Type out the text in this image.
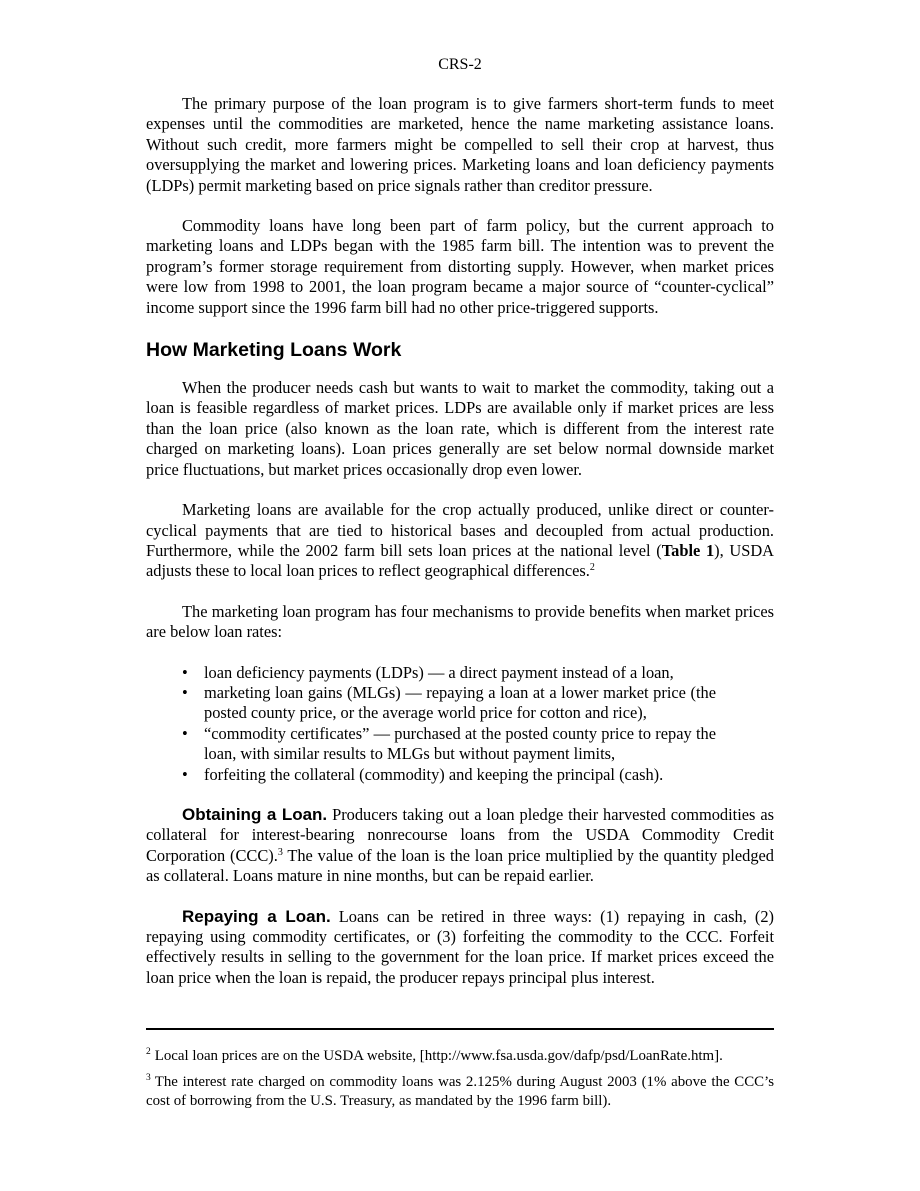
CRS-2

The primary purpose of the loan program is to give farmers short-term funds to meet expenses until the commodities are marketed, hence the name marketing assistance loans. Without such credit, more farmers might be compelled to sell their crop at harvest, thus oversupplying the market and lowering prices. Marketing loans and loan deficiency payments (LDPs) permit marketing based on price signals rather than creditor pressure.

Commodity loans have long been part of farm policy, but the current approach to marketing loans and LDPs began with the 1985 farm bill. The intention was to prevent the program’s former storage requirement from distorting supply. However, when market prices were low from 1998 to 2001, the loan program became a major source of “counter-cyclical” income support since the 1996 farm bill had no other price-triggered supports.

How Marketing Loans Work

When the producer needs cash but wants to wait to market the commodity, taking out a loan is feasible regardless of market prices. LDPs are available only if market prices are less than the loan price (also known as the loan rate, which is different from the interest rate charged on marketing loans). Loan prices generally are set below normal downside market price fluctuations, but market prices occasionally drop even lower.

Marketing loans are available for the crop actually produced, unlike direct or counter-cyclical payments that are tied to historical bases and decoupled from actual production. Furthermore, while the 2002 farm bill sets loan prices at the national level (Table 1), USDA adjusts these to local loan prices to reflect geographical differences.$^2$

The marketing loan program has four mechanisms to provide benefits when market prices are below loan rates:

• loan deficiency payments (LDPs) — a direct payment instead of a loan,
• marketing loan gains (MLGs) — repaying a loan at a lower market price (the posted county price, or the average world price for cotton and rice),
• “commodity certificates” — purchased at the posted county price to repay the loan, with similar results to MLGs but without payment limits,
• forfeiting the collateral (commodity) and keeping the principal (cash).

Obtaining a Loan. Producers taking out a loan pledge their harvested commodities as collateral for interest-bearing nonrecourse loans from the USDA Commodity Credit Corporation (CCC).$^3$ The value of the loan is the loan price multiplied by the quantity pledged as collateral. Loans mature in nine months, but can be repaid earlier.

Repaying a Loan. Loans can be retired in three ways: (1) repaying in cash, (2) repaying using commodity certificates, or (3) forfeiting the commodity to the CCC. Forfeit effectively results in selling to the government for the loan price. If market prices exceed the loan price when the loan is repaid, the producer repays principal plus interest.

$^2$ Local loan prices are on the USDA website, [http://www.fsa.usda.gov/dafp/psd/LoanRate.htm].

$^3$ The interest rate charged on commodity loans was 2.125% during August 2003 (1% above the CCC’s cost of borrowing from the U.S. Treasury, as mandated by the 1996 farm bill).
